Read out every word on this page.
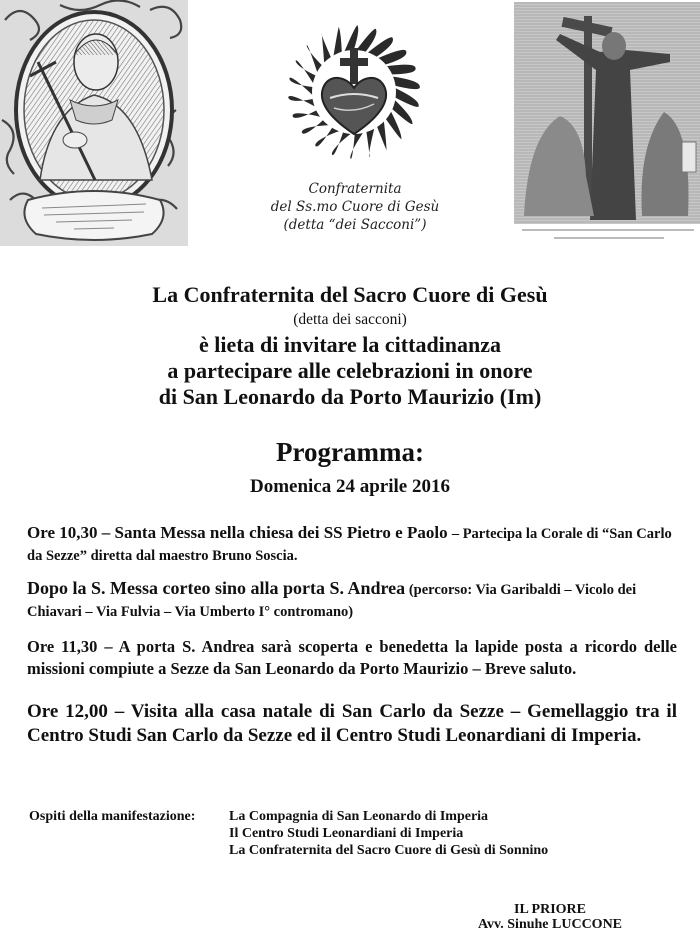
Confraternita
del Ss.mo Cuore di Gesù
(detta “dei Sacconi”)
La Confraternita del Sacro Cuore di Gesù
(detta dei sacconi)
è lieta di invitare la cittadinanza
a partecipare alle celebrazioni in onore
di San Leonardo da Porto Maurizio (Im)
Programma:
Domenica 24 aprile 2016
Ore 10,30 – Santa Messa nella chiesa dei SS Pietro e Paolo – Partecipa la Corale di “San Carlo da Sezze” diretta dal maestro Bruno Soscia.
Dopo la S. Messa corteo sino alla porta S. Andrea (percorso: Via Garibaldi – Vicolo dei Chiavari – Via Fulvia – Via Umberto I° contromano)
Ore 11,30 – A porta S. Andrea sarà scoperta e benedetta la lapide posta a ricordo delle missioni compiute a Sezze da San Leonardo da Porto Maurizio – Breve saluto.
Ore 12,00 – Visita alla casa natale di San Carlo da Sezze – Gemellaggio tra il Centro Studi San Carlo da Sezze ed il Centro Studi Leonardiani di Imperia.
Ospiti della manifestazione: La Compagnia di San Leonardo di Imperia
Il Centro Studi Leonardiani di Imperia
La Confraternita del Sacro Cuore di Gesù di Sonnino
IL PRIORE
Avv. Sinuhe LUCCONE
